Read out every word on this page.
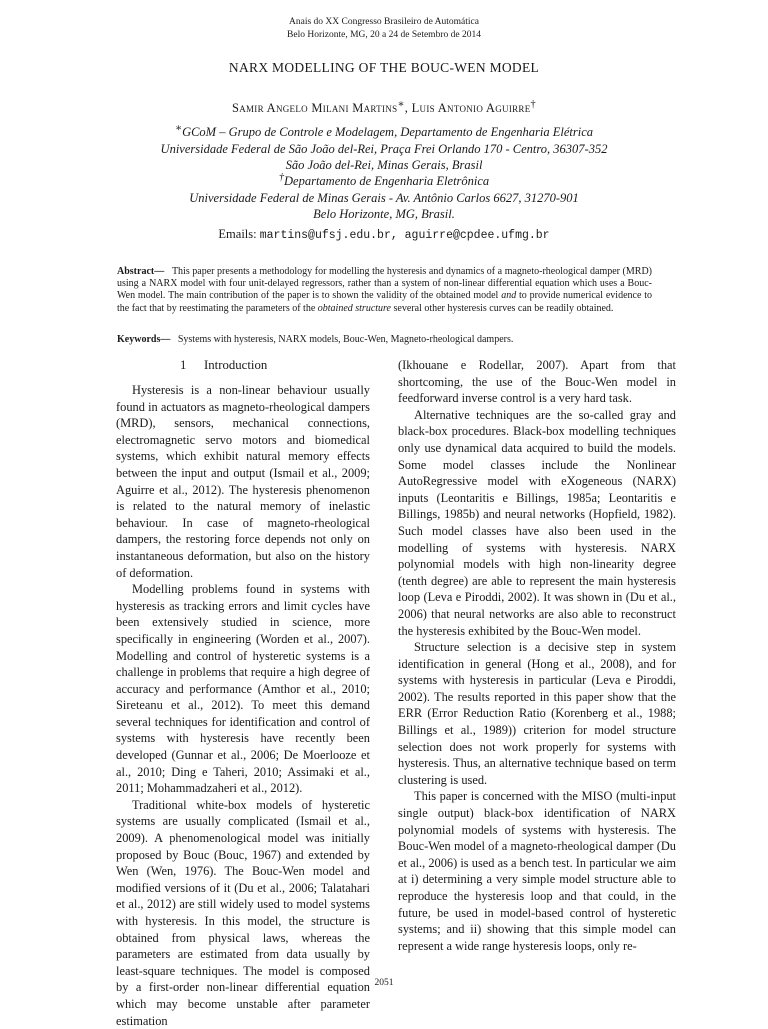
Anais do XX Congresso Brasileiro de Automática
Belo Horizonte, MG, 20 a 24 de Setembro de 2014
NARX MODELLING OF THE BOUC-WEN MODEL
Samir Angelo Milani Martins∗, Luis Antonio Aguirre†
∗GCoM – Grupo de Controle e Modelagem, Departamento de Engenharia Elétrica
Universidade Federal de São João del-Rei, Praça Frei Orlando 170 - Centro, 36307-352
São João del-Rei, Minas Gerais, Brasil
†Departamento de Engenharia Eletrônica
Universidade Federal de Minas Gerais - Av. Antônio Carlos 6627, 31270-901
Belo Horizonte, MG, Brasil.
Emails: martins@ufsj.edu.br, aguirre@cpdee.ufmg.br
Abstract— This paper presents a methodology for modelling the hysteresis and dynamics of a magneto-rheological damper (MRD) using a NARX model with four unit-delayed regressors, rather than a system of non-linear differential equation which uses a Bouc-Wen model. The main contribution of the paper is to shown the validity of the obtained model and to provide numerical evidence to the fact that by reestimating the parameters of the obtained structure several other hysteresis curves can be readily obtained.
Keywords— Systems with hysteresis, NARX models, Bouc-Wen, Magneto-rheological dampers.
1 Introduction

Hysteresis is a non-linear behaviour usually found in actuators as magneto-rheological dampers (MRD), sensors, mechanical connections, electromagnetic servo motors and biomedical systems, which exhibit natural memory effects between the input and output (Ismail et al., 2009; Aguirre et al., 2012). The hysteresis phenomenon is related to the natural memory of inelastic behaviour. In case of magneto-rheological dampers, the restoring force depends not only on instantaneous deformation, but also on the history of deformation.

Modelling problems found in systems with hysteresis as tracking errors and limit cycles have been extensively studied in science, more specifically in engineering (Worden et al., 2007). Modelling and control of hysteretic systems is a challenge in problems that require a high degree of accuracy and performance (Amthor et al., 2010; Sireteanu et al., 2012). To meet this demand several techniques for identification and control of systems with hysteresis have recently been developed (Gunnar et al., 2006; De Moerlooze et al., 2010; Ding e Taheri, 2010; Assimaki et al., 2011; Mohammadzaheri et al., 2012).

Traditional white-box models of hysteretic systems are usually complicated (Ismail et al., 2009). A phenomenological model was initially proposed by Bouc (Bouc, 1967) and extended by Wen (Wen, 1976). The Bouc-Wen model and modified versions of it (Du et al., 2006; Talatahari et al., 2012) are still widely used to model systems with hysteresis. In this model, the structure is obtained from physical laws, whereas the parameters are estimated from data usually by least-square techniques. The model is composed by a first-order non-linear differential equation which may become unstable after parameter estimation

(Ikhouane e Rodellar, 2007). Apart from that shortcoming, the use of the Bouc-Wen model in feedforward inverse control is a very hard task.

Alternative techniques are the so-called gray and black-box procedures. Black-box modelling techniques only use dynamical data acquired to build the models. Some model classes include the Nonlinear AutoRegressive model with eXogeneous (NARX) inputs (Leontaritis e Billings, 1985a; Leontaritis e Billings, 1985b) and neural networks (Hopfield, 1982). Such model classes have also been used in the modelling of systems with hysteresis. NARX polynomial models with high non-linearity degree (tenth degree) are able to represent the main hysteresis loop (Leva e Piroddi, 2002). It was shown in (Du et al., 2006) that neural networks are also able to reconstruct the hysteresis exhibited by the Bouc-Wen model.

Structure selection is a decisive step in system identification in general (Hong et al., 2008), and for systems with hysteresis in particular (Leva e Piroddi, 2002). The results reported in this paper show that the ERR (Error Reduction Ratio (Korenberg et al., 1988; Billings et al., 1989)) criterion for model structure selection does not work properly for systems with hysteresis. Thus, an alternative technique based on term clustering is used.

This paper is concerned with the MISO (multi-input single output) black-box identification of NARX polynomial models of systems with hysteresis. The Bouc-Wen model of a magneto-rheological damper (Du et al., 2006) is used as a bench test. In particular we aim at i) determining a very simple model structure able to reproduce the hysteresis loop and that could, in the future, be used in model-based control of hysteretic systems; and ii) showing that this simple model can represent a wide range hysteresis loops, only re-

2051
